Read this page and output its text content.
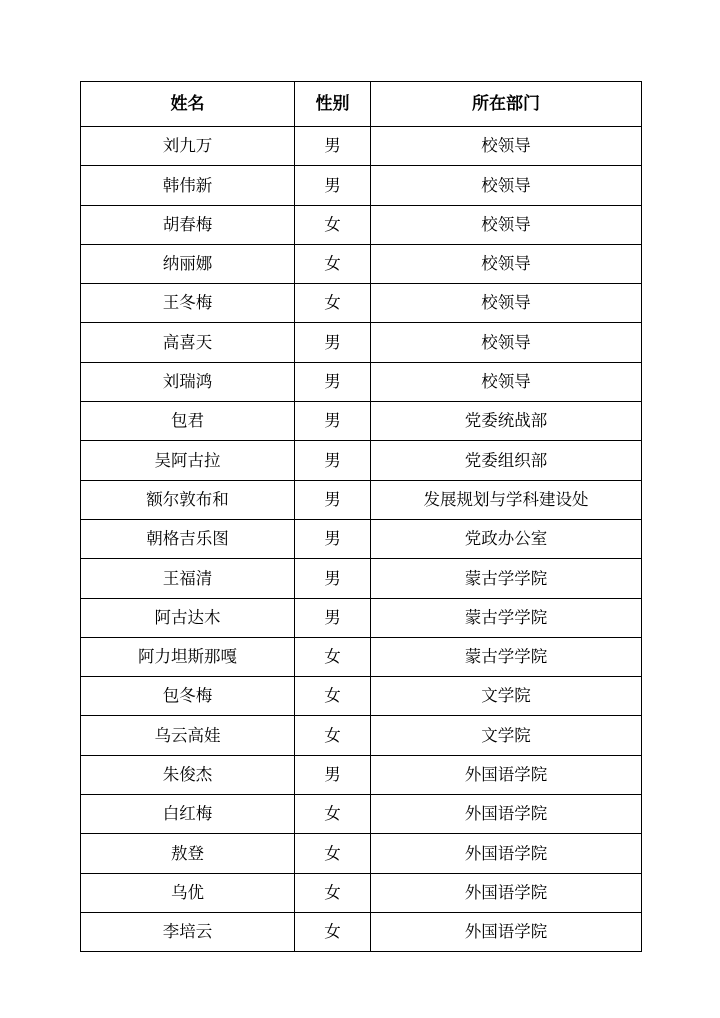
姓名	性别	所在部门
刘九万	男	校领导
韩伟新	男	校领导
胡春梅	女	校领导
纳丽娜	女	校领导
王冬梅	女	校领导
高喜天	男	校领导
刘瑞鸿	男	校领导
包君	男	党委统战部
吴阿古拉	男	党委组织部
额尔敦布和	男	发展规划与学科建设处
朝格吉乐图	男	党政办公室
王福清	男	蒙古学学院
阿古达木	男	蒙古学学院
阿力坦斯那嘎	女	蒙古学学院
包冬梅	女	文学院
乌云高娃	女	文学院
朱俊杰	男	外国语学院
白红梅	女	外国语学院
敖登	女	外国语学院
乌优	女	外国语学院
李培云	女	外国语学院
